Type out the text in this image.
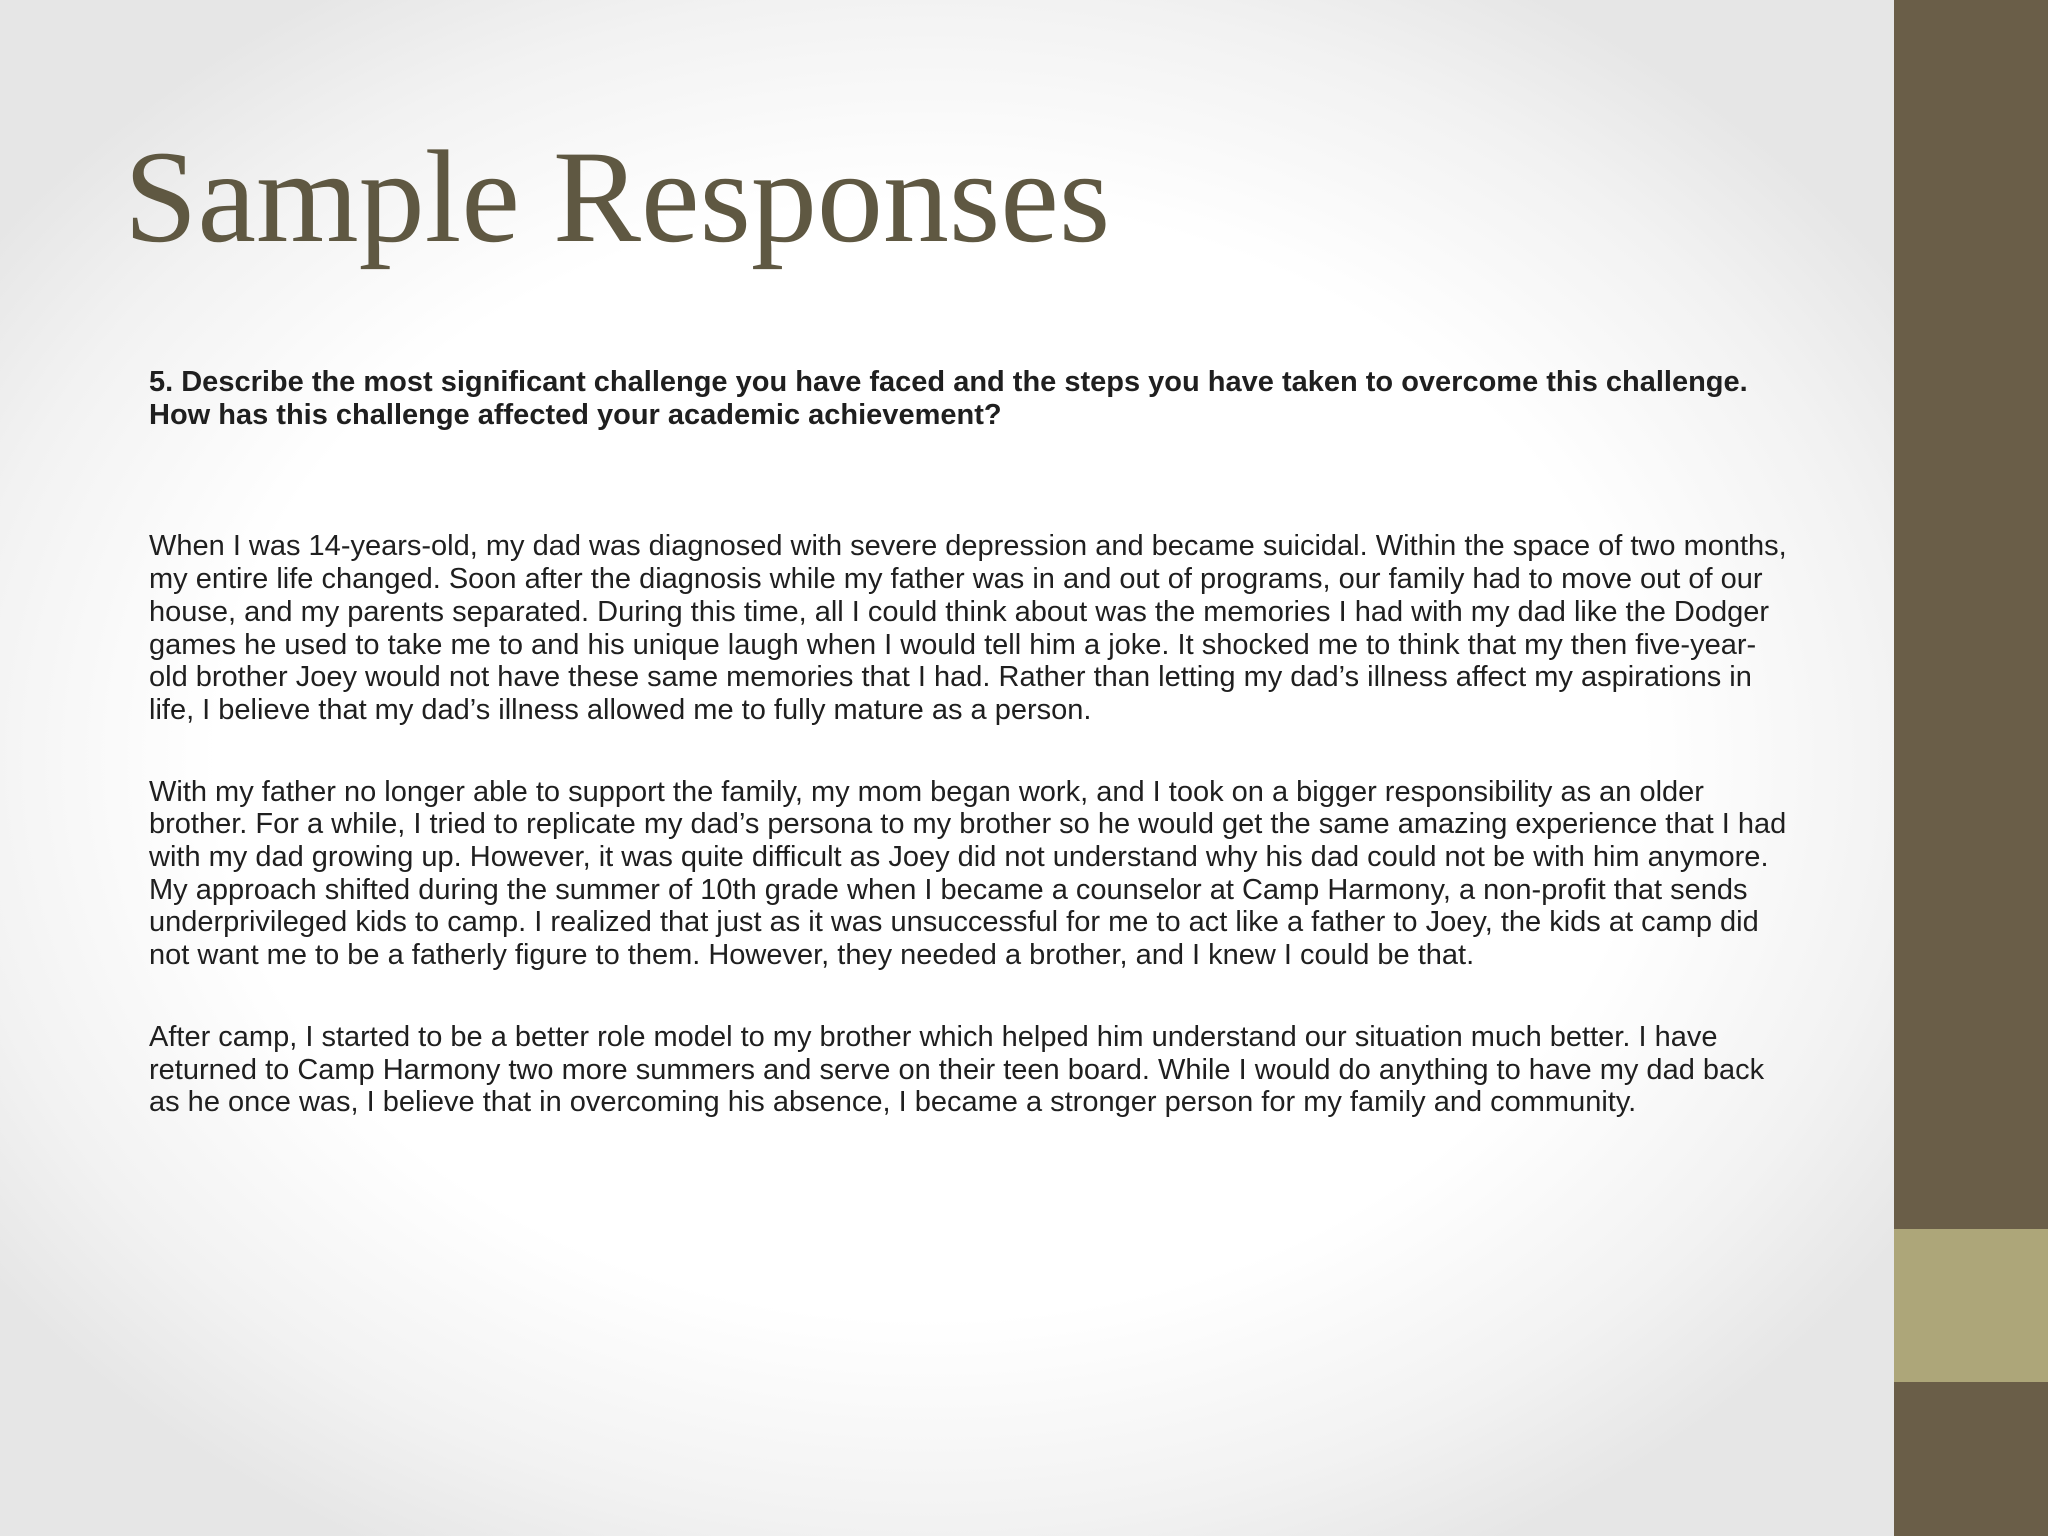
Sample Responses

5. Describe the most significant challenge you have faced and the steps you have taken to overcome this challenge. How has this challenge affected your academic achievement?

When I was 14-years-old, my dad was diagnosed with severe depression and became suicidal. Within the space of two months, my entire life changed. Soon after the diagnosis while my father was in and out of programs, our family had to move out of our house, and my parents separated. During this time, all I could think about was the memories I had with my dad like the Dodger games he used to take me to and his unique laugh when I would tell him a joke. It shocked me to think that my then five-year-old brother Joey would not have these same memories that I had. Rather than letting my dad’s illness affect my aspirations in life, I believe that my dad’s illness allowed me to fully mature as a person.

With my father no longer able to support the family, my mom began work, and I took on a bigger responsibility as an older brother. For a while, I tried to replicate my dad’s persona to my brother so he would get the same amazing experience that I had with my dad growing up. However, it was quite difficult as Joey did not understand why his dad could not be with him anymore. My approach shifted during the summer of 10th grade when I became a counselor at Camp Harmony, a non-profit that sends underprivileged kids to camp. I realized that just as it was unsuccessful for me to act like a father to Joey, the kids at camp did not want me to be a fatherly figure to them. However, they needed a brother, and I knew I could be that.

After camp, I started to be a better role model to my brother which helped him understand our situation much better. I have returned to Camp Harmony two more summers and serve on their teen board. While I would do anything to have my dad back as he once was, I believe that in overcoming his absence, I became a stronger person for my family and community.
